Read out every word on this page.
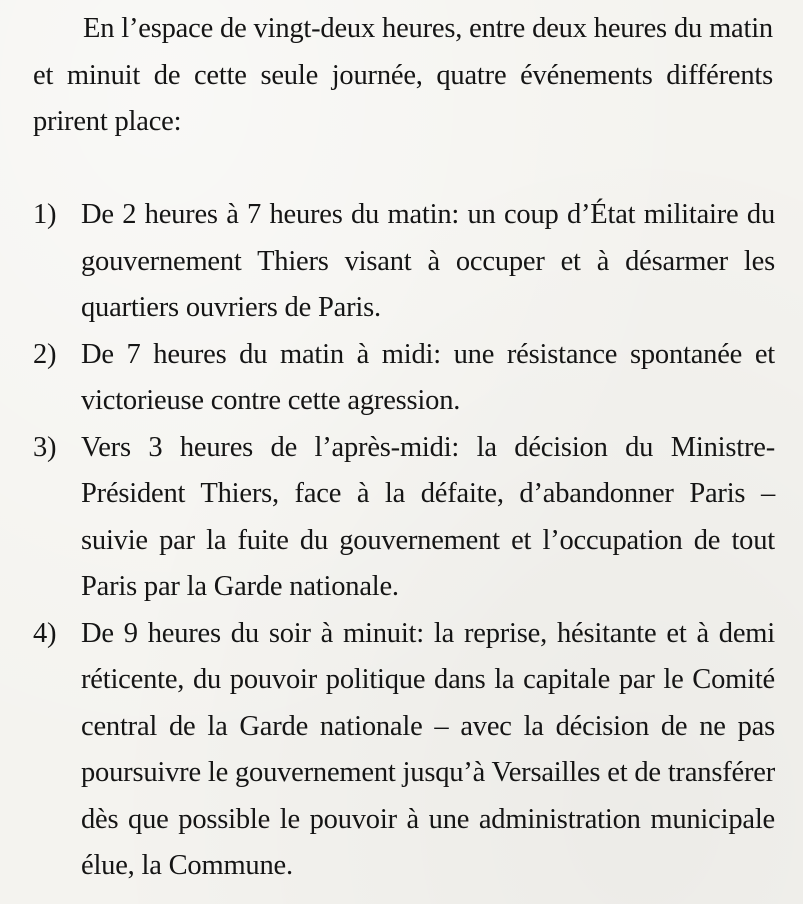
En l’espace de vingt-deux heures, entre deux heures du matin et minuit de cette seule journée, quatre événements différents prirent place:

1) De 2 heures à 7 heures du matin: un coup d’État militaire du gouvernement Thiers visant à occuper et à désarmer les quartiers ouvriers de Paris.
2) De 7 heures du matin à midi: une résistance spontanée et victorieuse contre cette agression.
3) Vers 3 heures de l’après-midi: la décision du Ministre-Président Thiers, face à la défaite, d’abandonner Paris – suivie par la fuite du gouvernement et l’occupation de tout Paris par la Garde nationale.
4) De 9 heures du soir à minuit: la reprise, hésitante et à demi réticente, du pouvoir politique dans la capitale par le Comité central de la Garde nationale – avec la décision de ne pas poursuivre le gouvernement jusqu’à Versailles et de transférer dès que possible le pouvoir à une administration municipale élue, la Commune.
